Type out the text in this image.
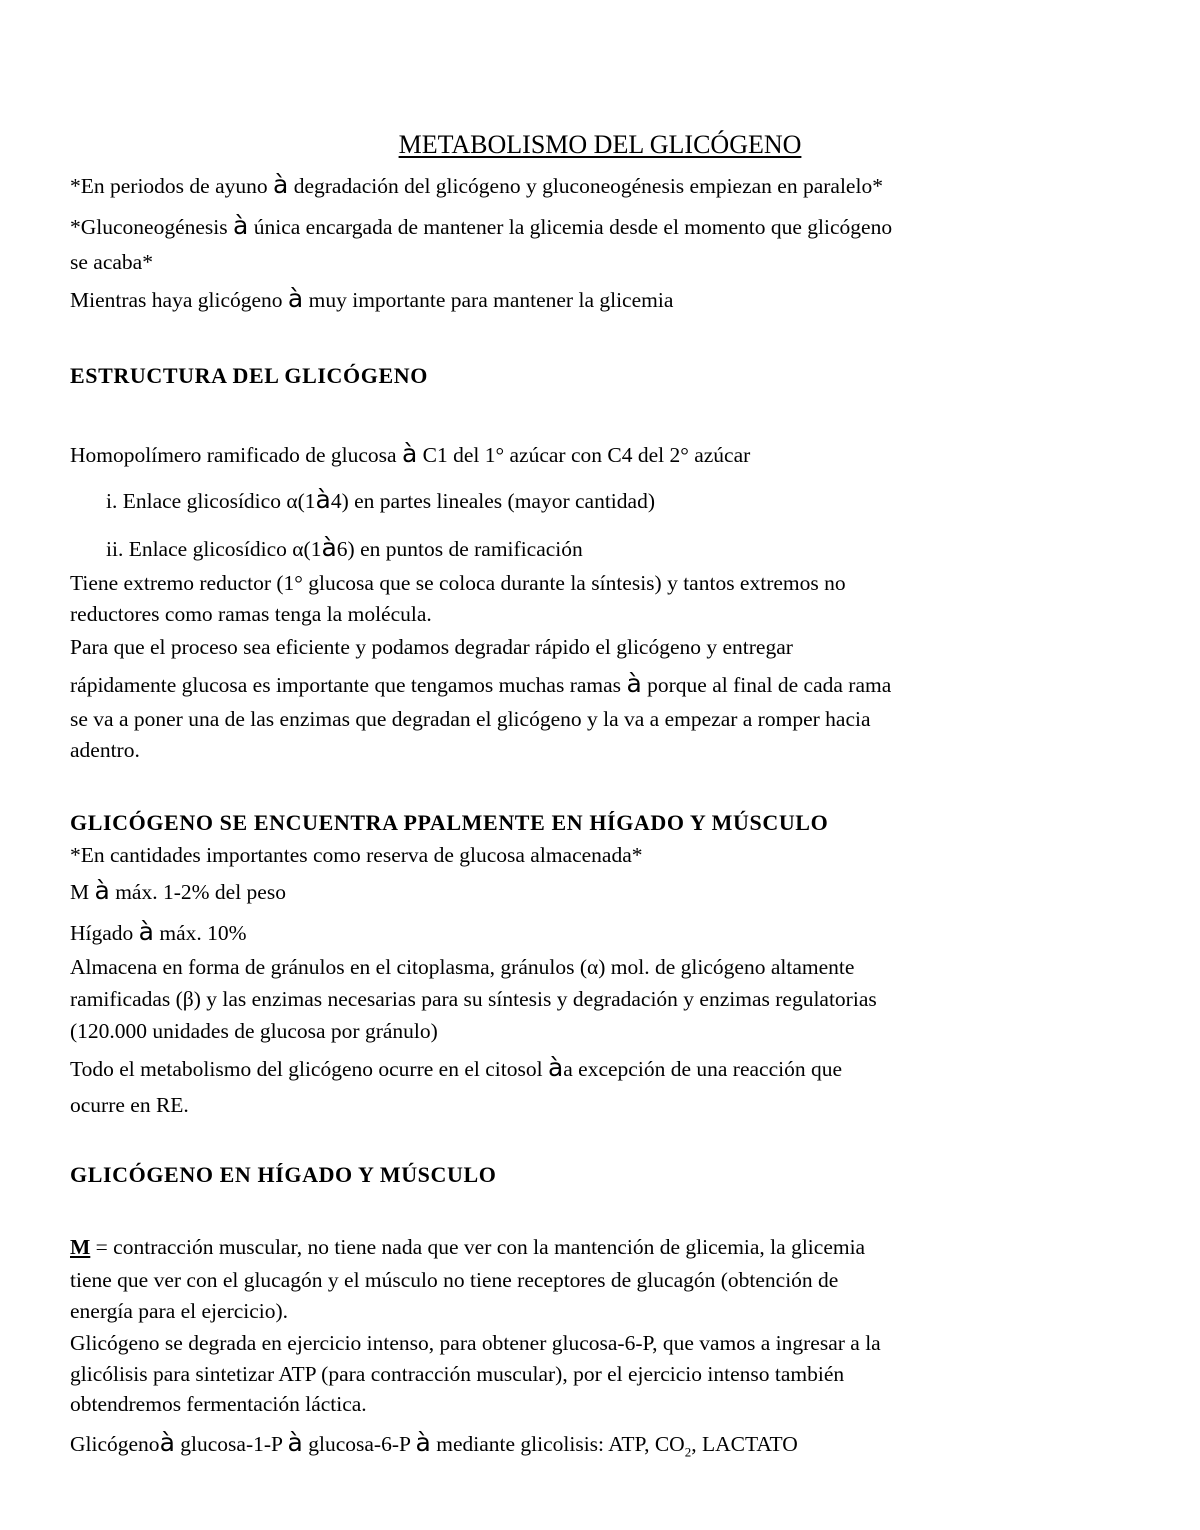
METABOLISMO DEL GLICÓGENO
*En periodos de ayuno à degradación del glicógeno y gluconeogénesis empiezan en paralelo*
*Gluconeogénesis à única encargada de mantener la glicemia desde el momento que glicógeno
se acaba*
Mientras haya glicógeno à muy importante para mantener la glicemia
ESTRUCTURA DEL GLICÓGENO
Homopolímero ramificado de glucosa à C1 del 1° azúcar con C4 del 2° azúcar
i. Enlace glicosídico α(1à4) en partes lineales (mayor cantidad)
ii. Enlace glicosídico α(1à6) en puntos de ramificación
Tiene extremo reductor (1° glucosa que se coloca durante la síntesis) y tantos extremos no
reductores como ramas tenga la molécula.
Para que el proceso sea eficiente y podamos degradar rápido el glicógeno y entregar
rápidamente glucosa es importante que tengamos muchas ramas à porque al final de cada rama
se va a poner una de las enzimas que degradan el glicógeno y la va a empezar a romper hacia
adentro.
GLICÓGENO SE ENCUENTRA PPALMENTE EN HÍGADO Y MÚSCULO
*En cantidades importantes como reserva de glucosa almacenada*
M à máx. 1-2% del peso
Hígado à máx. 10%
Almacena en forma de gránulos en el citoplasma, gránulos (α) mol. de glicógeno altamente
ramificadas (β) y las enzimas necesarias para su síntesis y degradación y enzimas regulatorias
(120.000 unidades de glucosa por gránulo)
Todo el metabolismo del glicógeno ocurre en el citosol àa excepción de una reacción que
ocurre en RE.
GLICÓGENO EN HÍGADO Y MÚSCULO
M = contracción muscular, no tiene nada que ver con la mantención de glicemia, la glicemia
tiene que ver con el glucagón y el músculo no tiene receptores de glucagón (obtención de
energía para el ejercicio).
Glicógeno se degrada en ejercicio intenso, para obtener glucosa-6-P, que vamos a ingresar a la
glicólisis para sintetizar ATP (para contracción muscular), por el ejercicio intenso también
obtendremos fermentación láctica.
Glicógenoà glucosa-1-P à glucosa-6-P à mediante glicolisis: ATP, $CO_2$, LACTATO
